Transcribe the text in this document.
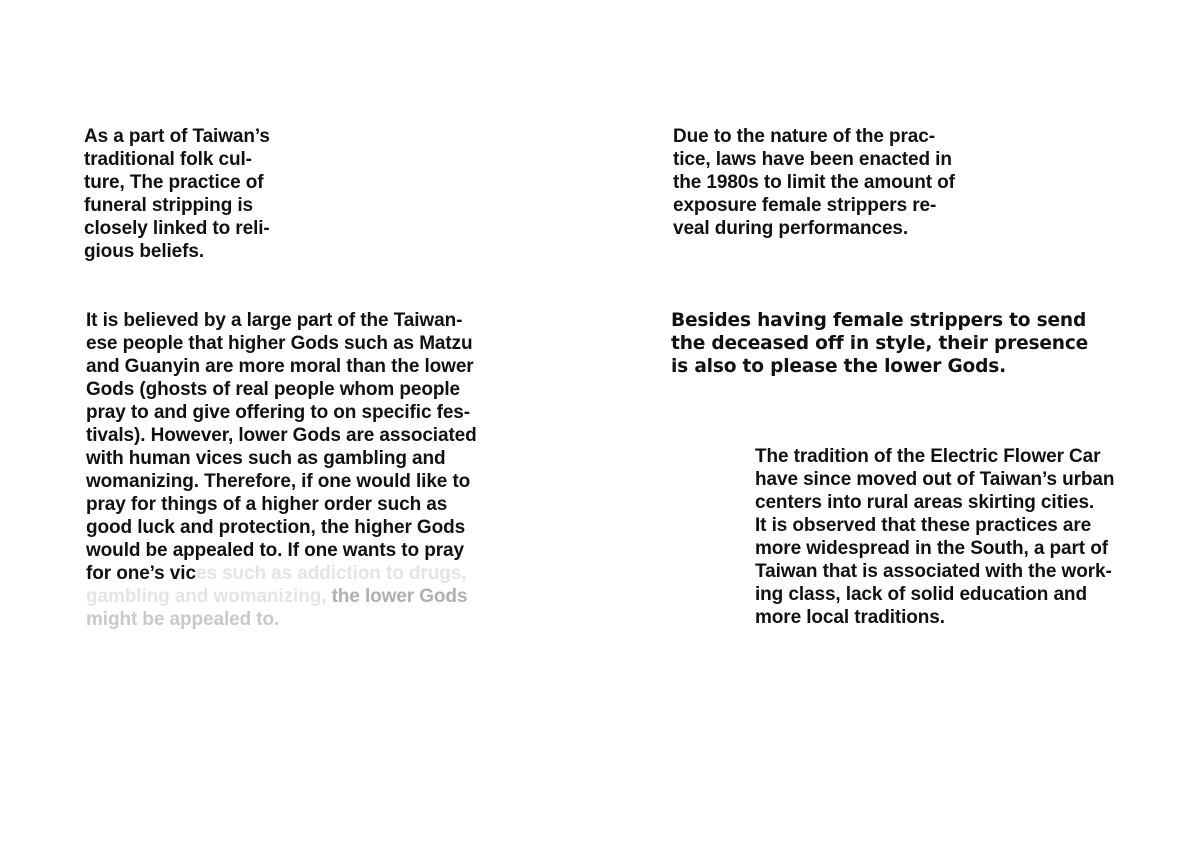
As a part of Taiwan’s
traditional folk cul-
ture, The practice of
funeral stripping is
closely linked to reli-
gious beliefs.
Due to the nature of the prac-
tice, laws have been enacted in
the 1980s to limit the amount of
exposure female strippers re-
veal during performances.
It is believed by a large part of the Taiwan-
ese people that higher Gods such as Matzu
and Guanyin are more moral than the lower
Gods (ghosts of real people whom people
pray to and give offering to on specific fes-
tivals). However, lower Gods are associated
with human vices such as gambling and
womanizing. Therefore, if one would like to
pray for things of a higher order such as
good luck and protection, the higher Gods
would be appealed to. If one wants to pray
for one’s vices such as addiction to drugs,
gambling and womanizing, the lower Gods
might be appealed to.
Besides having female strippers to send
the deceased off in style, their presence
is also to please the lower Gods.
The tradition of the Electric Flower Car
have since moved out of Taiwan’s urban
centers into rural areas skirting cities.
It is observed that these practices are
more widespread in the South, a part of
Taiwan that is associated with the work-
ing class, lack of solid education and
more local traditions.
